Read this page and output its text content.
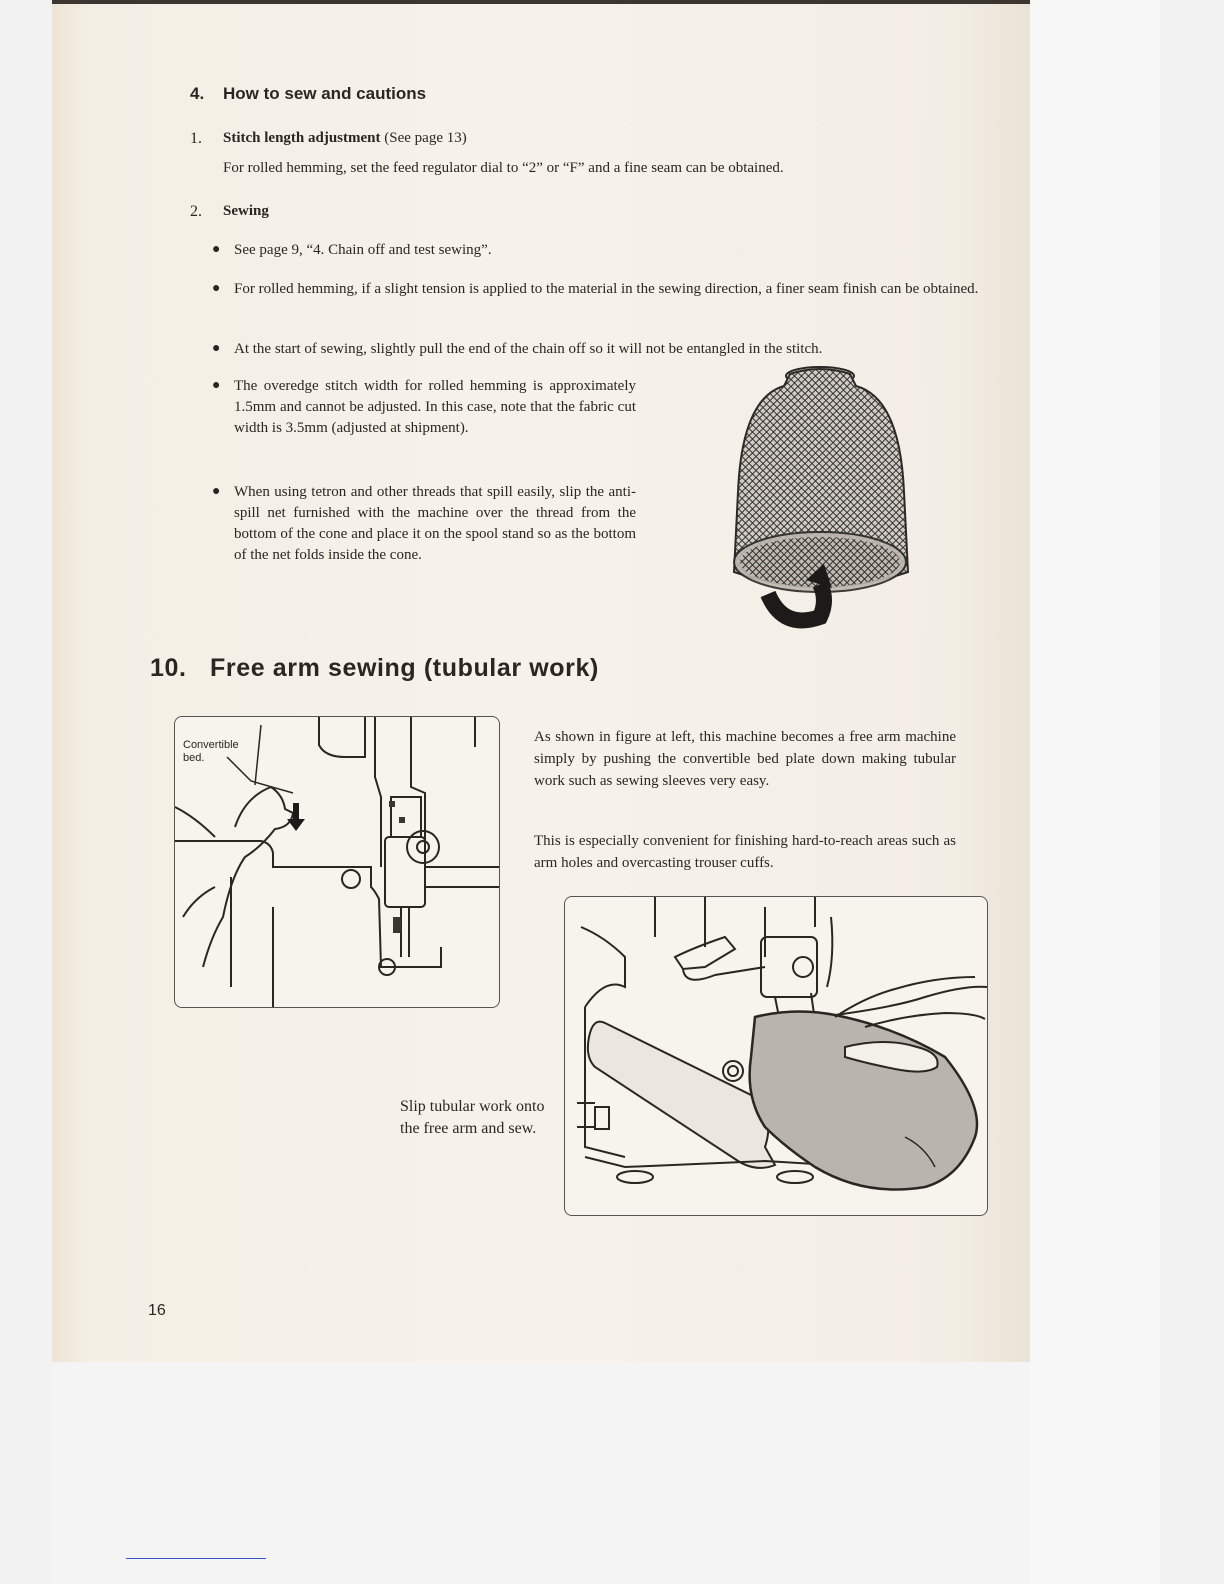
4. How to sew and cautions
1. Stitch length adjustment (See page 13)
For rolled hemming, set the feed regulator dial to “2” or “F” and a fine seam can be obtained.
2. Sewing
● See page 9, “4. Chain off and test sewing”.
● For rolled hemming, if a slight tension is applied to the material in the sewing direction, a finer seam finish can be obtained.
● At the start of sewing, slightly pull the end of the chain off so it will not be entangled in the stitch.
● The overedge stitch width for rolled hemming is approximately 1.5mm and cannot be adjusted. In this case, note that the fabric cut width is 3.5mm (adjusted at shipment).
● When using tetron and other threads that spill easily, slip the anti-spill net furnished with the machine over the thread from the bottom of the cone and place it on the spool stand so as the bottom of the net folds inside the cone.
10. Free arm sewing (tubular work)
Convertible
bed.
As shown in figure at left, this machine becomes a free arm machine simply by pushing the convertible bed plate down making tubular work such as sewing sleeves very easy.
This is especially convenient for finishing hard-to-reach areas such as arm holes and overcasting trouser cuffs.
Slip tubular work onto the free arm and sew.
16
